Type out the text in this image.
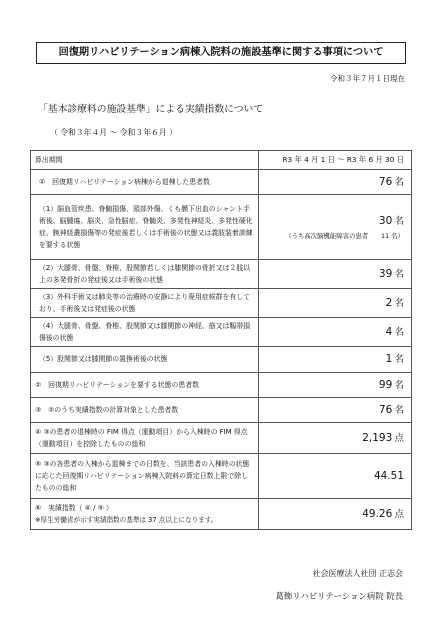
回復期リハビリテーション病棟入院料の施設基準に関する事項について
令和３年７月１日現在
「基本診療料の施設基準」による実績指数について
（ 令和３年４月 ～ 令和３年６月 ）
算出期間	R3 年 4 月 1 日 ～ R3 年 6 月 30 日
①　回復期リハビリテーション病棟から退棟した患者数	76 名
（1）脳血管疾患、脊髄損傷、頭部外傷、くも膜下出血のシャント手術後、脳腫瘍、脳炎、急性脳症、脊髄炎、多発性神経炎、多発性硬化症、腕神経叢損傷等の発症後若しくは手術後の状態又は義肢装着訓練を要する状態	30 名
（うち高次脳機能障害の患者　　11 名）

（2）大腿骨、骨盤、脊椎、股関節若しくは膝関節の骨折又は２肢以上の多発骨折の発症後又は手術後の状態	39 名
（3）外科手術又は肺炎等の治療時の安静により廃用症候群を有しており、手術後又は発症後の状態	2 名
（4）大腿骨、骨盤、脊椎、股関節又は膝関節の神経、筋又は靱帯損傷後の状態	4 名
（5）股関節又は膝関節の置換術後の状態	1 名
②　回復期リハビリテーションを要する状態の患者数	99 名
③　②のうち実績指数の計算対象とした患者数	76 名
④ ③の患者の退棟時の FIM 得点（運動項目）から入棟時の FIM 得点（運動項目）を控除したものの総和	2,193 点
⑤ ③の各患者の入棟から退棟までの日数を、当該患者の入棟時の状態に応じた回復期リハビリテーション病棟入院料の算定日数上限で除したものの総和	44.51
⑥　実績指数（ ④ / ⑤ ）
※厚生労働省が示す実績指数の基準は 37 点以上になります。	49.26 点
社会医療法人社団 正志会
葛飾リハビリテーション病院 院長
